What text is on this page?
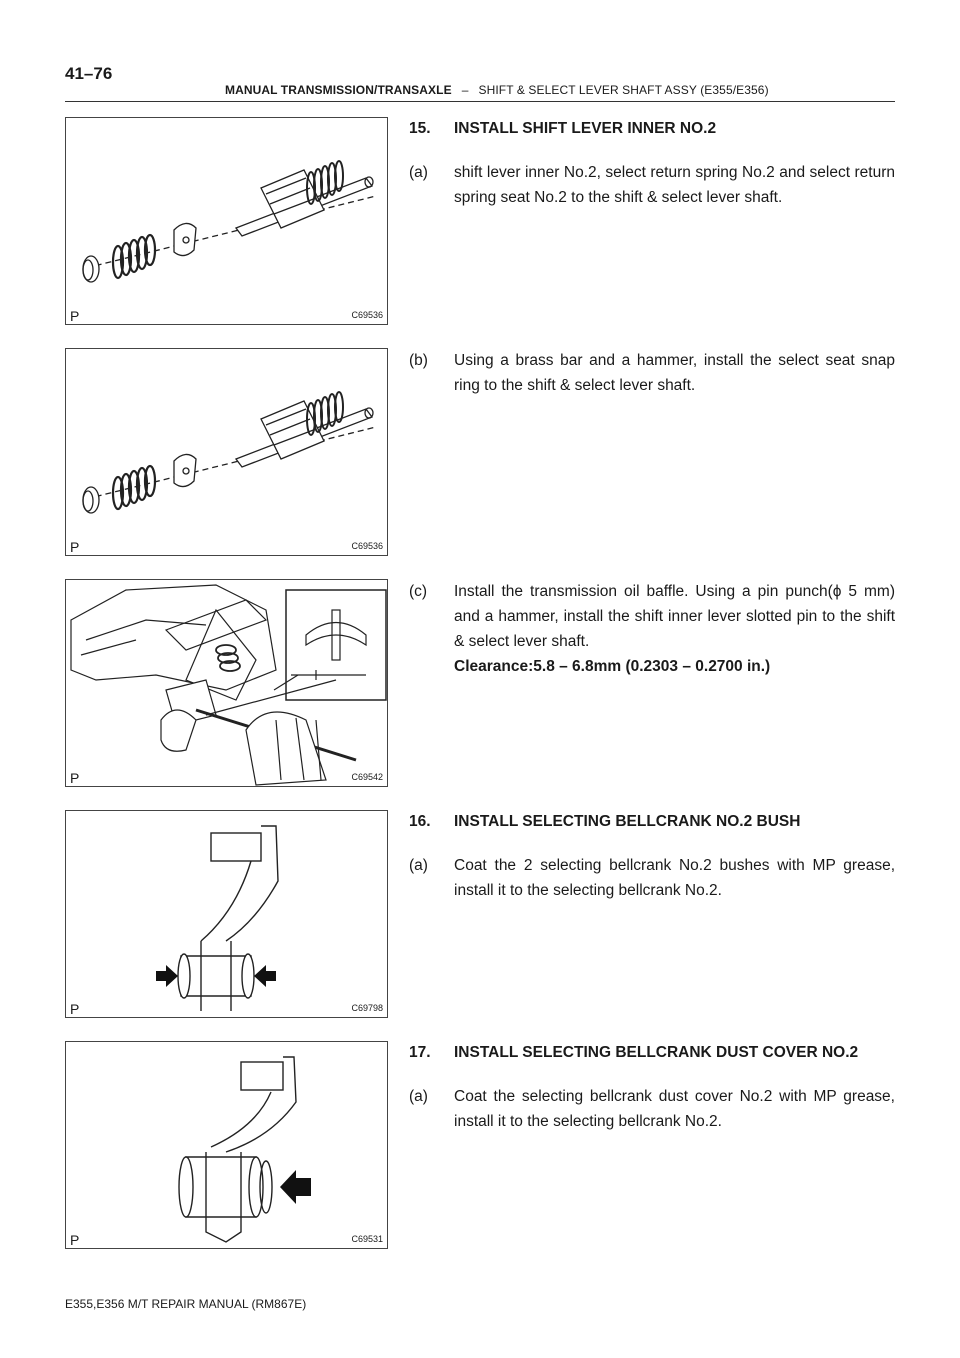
41–76
MANUAL TRANSMISSION/TRANSAXLE – SHIFT & SELECT LEVER SHAFT ASSY (E355/E356)
P	C69536
P	C69536
P	C69542
P	C69798
P	C69531
15.	INSTALL SHIFT LEVER INNER NO.2
(a)	shift lever inner No.2, select return spring No.2 and select return spring seat No.2 to the shift & select lever shaft.
(b)	Using a brass bar and a hammer, install the select seat snap ring to the shift & select lever shaft.
(c)	Install the transmission oil baffle. Using a pin punch(ϕ 5 mm) and a hammer, install the shift inner lever slotted pin to the shift & select lever shaft.
Clearance:5.8 – 6.8mm (0.2303 – 0.2700 in.)
16.	INSTALL SELECTING BELLCRANK NO.2 BUSH
(a)	Coat the 2 selecting bellcrank No.2 bushes with MP grease, install it to the selecting bellcrank No.2.
17.	INSTALL SELECTING BELLCRANK DUST COVER NO.2
(a)	Coat the selecting bellcrank dust cover No.2 with MP grease, install it to the selecting bellcrank No.2.
E355,E356 M/T REPAIR MANUAL (RM867E)
